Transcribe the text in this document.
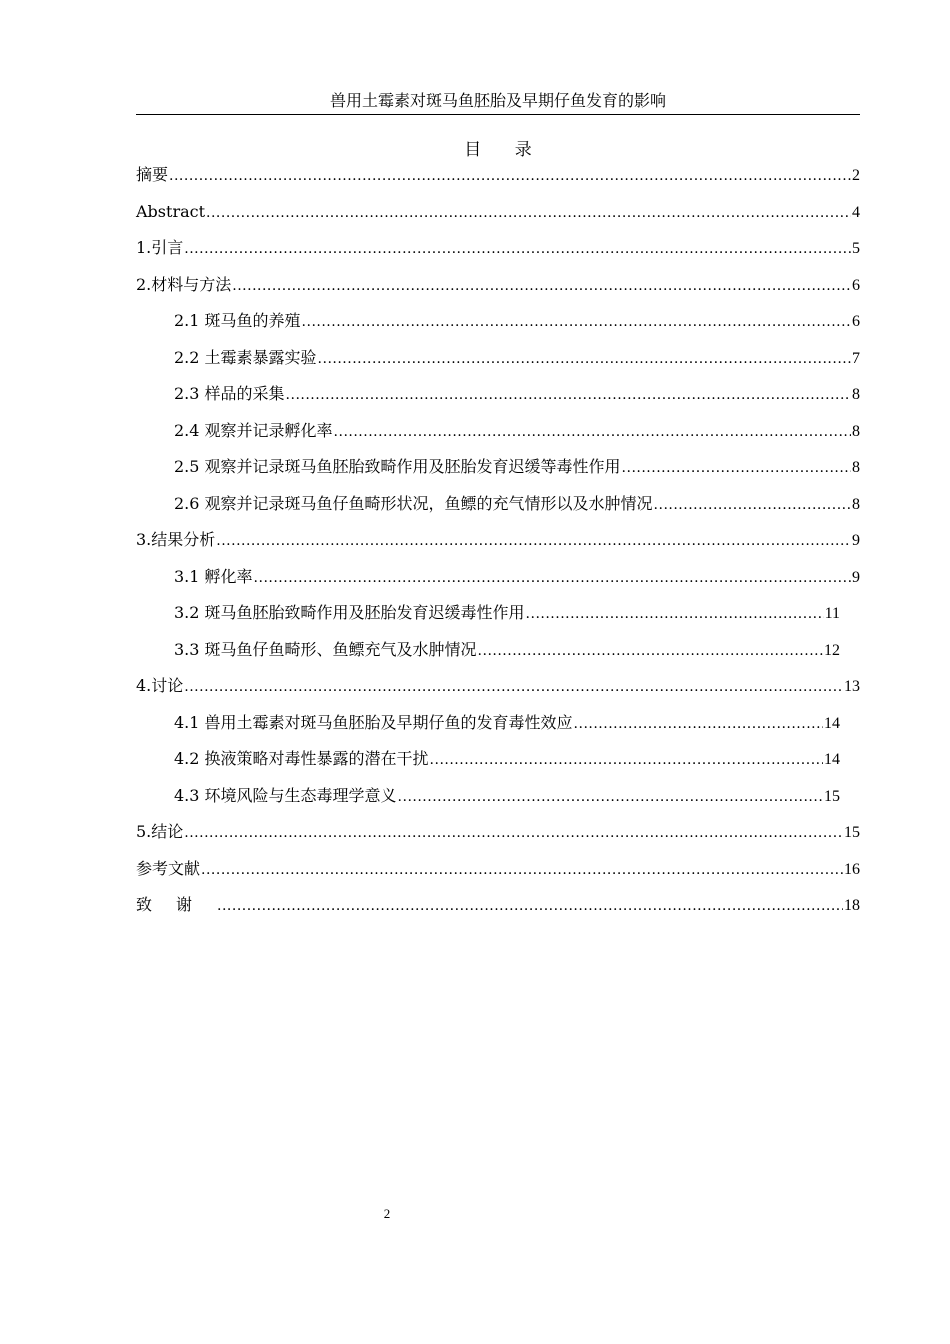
兽用土霉素对斑马鱼胚胎及早期仔鱼发育的影响
目 录
摘要 .....	2
Abstract .....	4
1.引言 .....	5
2.材料与方法 .....	6
2.1 斑马鱼的养殖 .....	6
2.2 土霉素暴露实验 .....	7
2.3 样品的采集 .....	8
2.4 观察并记录孵化率 .....	8
2.5 观察并记录斑马鱼胚胎致畸作用及胚胎发育迟缓等毒性作用 .....	8
2.6 观察并记录斑马鱼仔鱼畸形状况，鱼鳔的充气情形以及水肿情况 .....	8
3.结果分析 .....	9
3.1 孵化率 .....	9
3.2 斑马鱼胚胎致畸作用及胚胎发育迟缓毒性作用 .....	11
3.3 斑马鱼仔鱼畸形、鱼鳔充气及水肿情况 .....	12
4.讨论 .....	13
4.1 兽用土霉素对斑马鱼胚胎及早期仔鱼的发育毒性效应 .....	14
4.2 换液策略对毒性暴露的潜在干扰 .....	14
4.3 环境风险与生态毒理学意义 .....	15
5.结论 .....	15
参考文献 .....	16
致谢 .....	18
2
